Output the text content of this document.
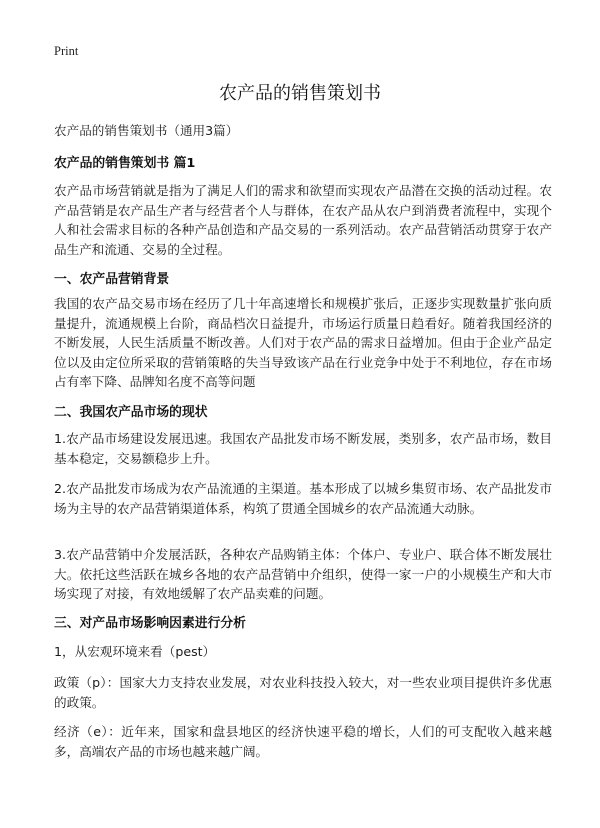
Print
农产品的销售策划书

农产品的销售策划书（通用3篇）

农产品的销售策划书 篇1

农产品市场营销就是指为了满足人们的需求和欲望而实现农产品潜在交换的活动过程。农产品营销是农产品生产者与经营者个人与群体，在农产品从农户到消费者流程中，实现个人和社会需求目标的各种产品创造和产品交易的一系列活动。农产品营销活动贯穿于农产品生产和流通、交易的全过程。

一、农产品营销背景

我国的农产品交易市场在经历了几十年高速增长和规模扩张后，正逐步实现数量扩张向质量提升，流通规模上台阶，商品档次日益提升，市场运行质量日趋看好。随着我国经济的不断发展，人民生活质量不断改善。人们对于农产品的需求日益增加。但由于企业产品定位以及由定位所采取的营销策略的失当导致该产品在行业竞争中处于不利地位，存在市场占有率下降、品牌知名度不高等问题

二、我国农产品市场的现状

1.农产品市场建设发展迅速。我国农产品批发市场不断发展，类别多，农产品市场，数目基本稳定，交易额稳步上升。

2.农产品批发市场成为农产品流通的主渠道。基本形成了以城乡集贸市场、农产品批发市场为主导的农产品营销渠道体系，构筑了贯通全国城乡的农产品流通大动脉。

3.农产品营销中介发展活跃，各种农产品购销主体：个体户、专业户、联合体不断发展壮大。依托这些活跃在城乡各地的农产品营销中介组织，使得一家一户的小规模生产和大市场实现了对接，有效地缓解了农产品卖难的问题。

三、对产品市场影响因素进行分析

1，从宏观环境来看（pest）

政策（p）：国家大力支持农业发展，对农业科技投入较大，对一些农业项目提供许多优惠的政策。

经济（e）：近年来，国家和盘县地区的经济快速平稳的增长，人们的可支配收入越来越多，高端农产品的市场也越来越广阔。
